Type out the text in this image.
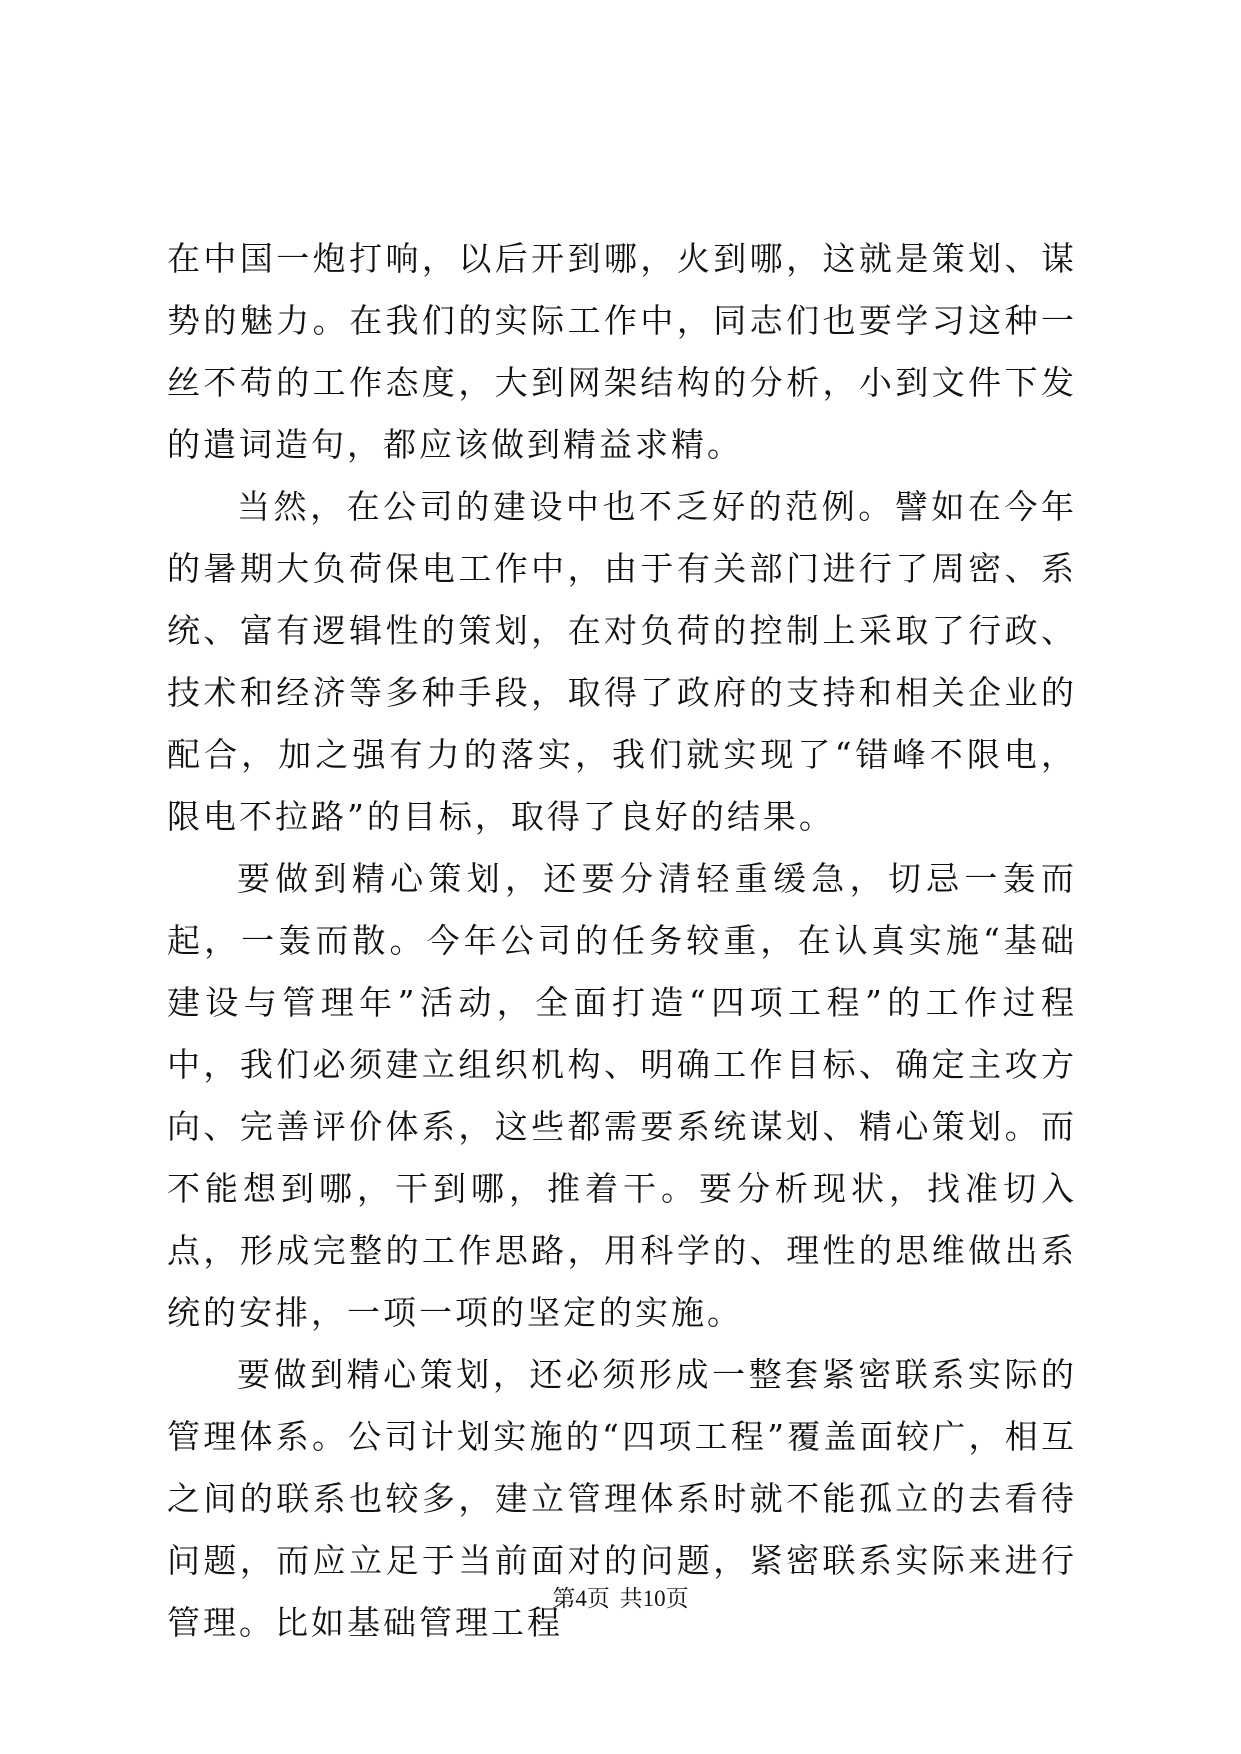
在中国一炮打响，以后开到哪，火到哪，这就是策划、谋势的魅力。在我们的实际工作中，同志们也要学习这种一丝不苟的工作态度，大到网架结构的分析，小到文件下发的遣词造句，都应该做到精益求精。

当然，在公司的建设中也不乏好的范例。譬如在今年的暑期大负荷保电工作中，由于有关部门进行了周密、系统、富有逻辑性的策划，在对负荷的控制上采取了行政、技术和经济等多种手段，取得了政府的支持和相关企业的配合，加之强有力的落实，我们就实现了“错峰不限电，限电不拉路”的目标，取得了良好的结果。

要做到精心策划，还要分清轻重缓急，切忌一轰而起，一轰而散。今年公司的任务较重，在认真实施“基础建设与管理年”活动，全面打造“四项工程”的工作过程中，我们必须建立组织机构、明确工作目标、确定主攻方向、完善评价体系，这些都需要系统谋划、精心策划。而不能想到哪，干到哪，推着干。要分析现状，找准切入点，形成完整的工作思路，用科学的、理性的思维做出系统的安排，一项一项的坚定的实施。

要做到精心策划，还必须形成一整套紧密联系实际的管理体系。公司计划实施的“四项工程”覆盖面较广，相互之间的联系也较多，建立管理体系时就不能孤立的去看待问题，而应立足于当前面对的问题，紧密联系实际来进行管理。比如基础管理工程

第4页 共10页
